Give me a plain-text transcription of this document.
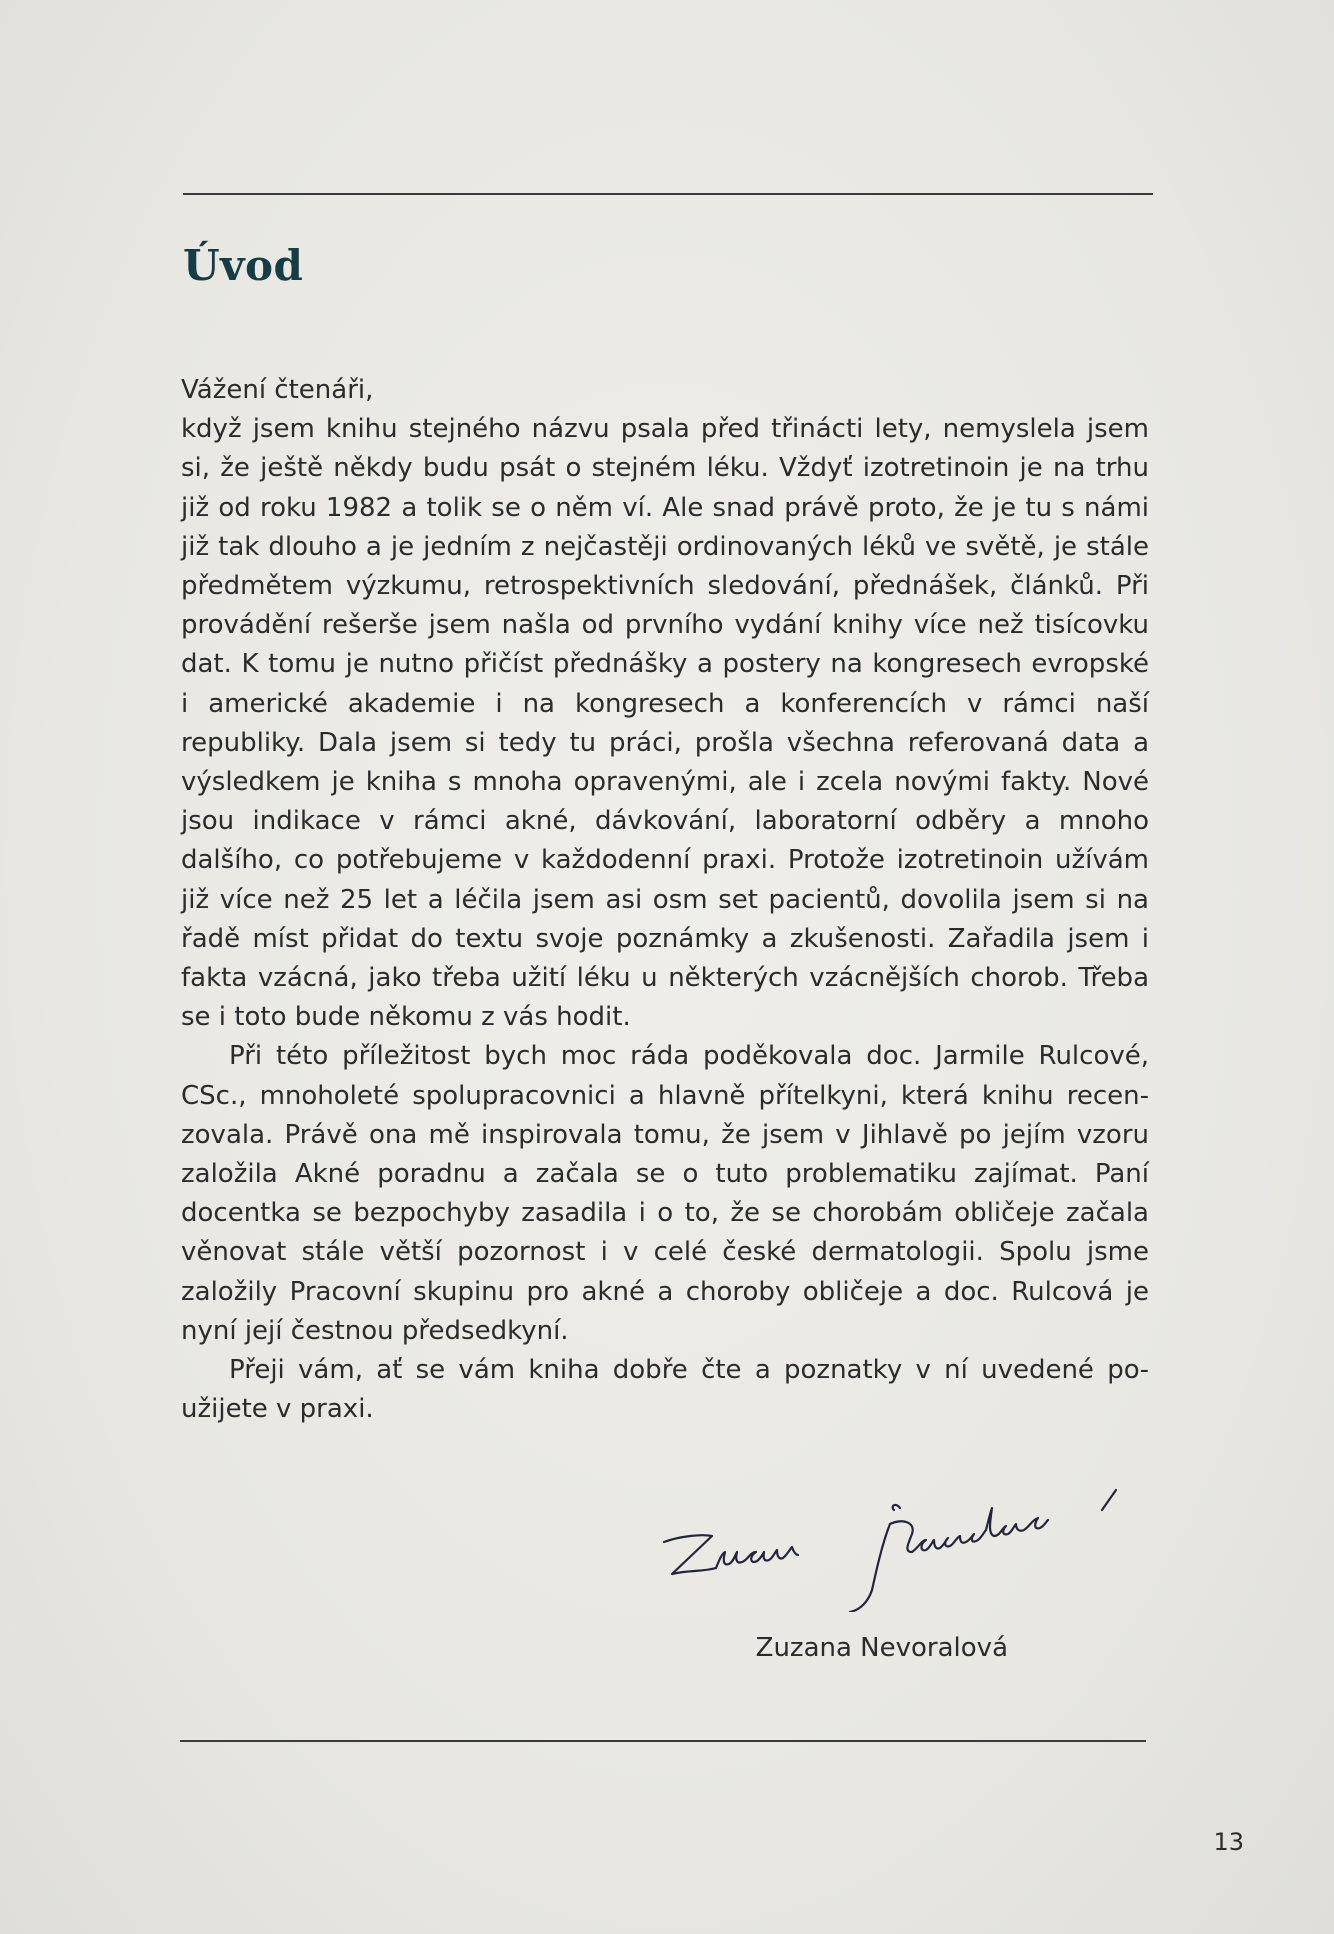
Úvod

Vážení čtenáři,

když jsem knihu stejného názvu psala před třinácti lety, nemyslela jsem si, že ještě někdy budu psát o stejném léku. Vždyť izotretinoin je na trhu již od roku 1982 a tolik se o něm ví. Ale snad právě proto, že je tu s námi již tak dlouho a je jedním z nejčastěji ordinovaných léků ve světě, je stále předmětem výzkumu, retrospektivních sledování, přednášek, článků. Při provádění rešerše jsem našla od prvního vydání knihy více než tisícovku dat. K tomu je nutno přičíst přednášky a postery na kongresech evropské i americké akademie i na kongresech a konferencích v rámci naší republiky. Dala jsem si tedy tu práci, prošla všechna referovaná data a výsledkem je kniha s mnoha opravenými, ale i zcela novými fakty. Nové jsou indikace v rámci akné, dávkování, laboratorní odběry a mnoho dalšího, co potřebujeme v každodenní praxi. Protože izotretinoin užívám již více než 25 let a léčila jsem asi osm set pacientů, dovolila jsem si na řadě míst přidat do textu svoje poznámky a zkušenosti. Zařadila jsem i fakta vzácná, jako třeba užití léku u některých vzácnějších chorob. Třeba se i toto bude někomu z vás hodit.

Při této příležitost bych moc ráda poděkovala doc. Jarmile Rulcové, CSc., mnoholeté spolupracovnici a hlavně přítelkyni, která knihu recenzovala. Právě ona mě inspirovala tomu, že jsem v Jihlavě po jejím vzoru založila Akné poradnu a začala se o tuto problematiku zajímat. Paní docentka se bezpochyby zasadila i o to, že se chorobám obličeje začala věnovat stále větší pozornost i v celé české dermatologii. Spolu jsme založily Pracovní skupinu pro akné a choroby obličeje a doc. Rulcová je nyní její čestnou předsedkyní.

Přeji vám, ať se vám kniha dobře čte a poznatky v ní uvedené použijete v praxi.

Zuzana Nevoralová
13
